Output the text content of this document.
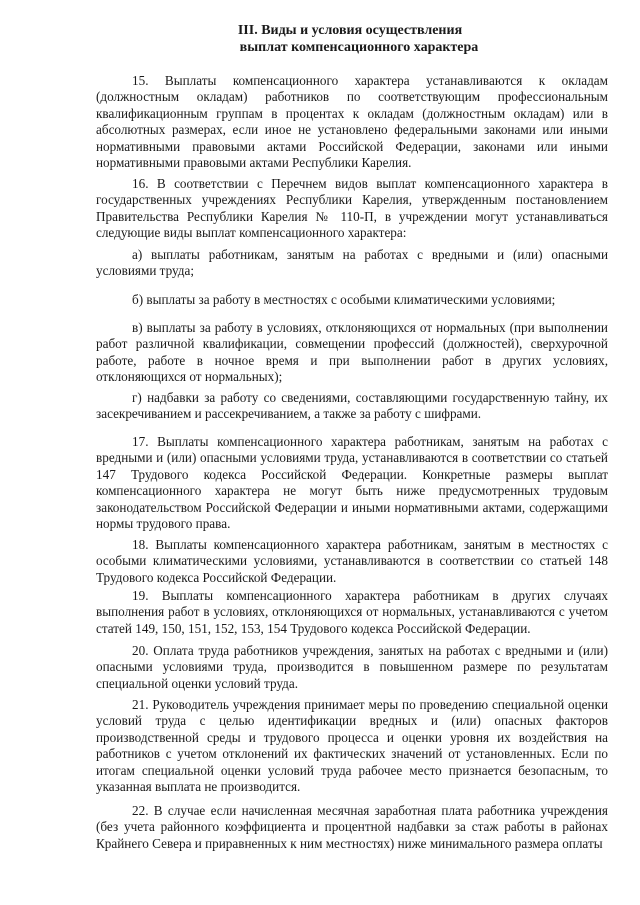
III. Виды и условия осуществления
выплат компенсационного характера

15. Выплаты компенсационного характера устанавливаются к окладам (должностным окладам) работников по соответствующим профессиональным квалификационным группам в процентах к окладам (должностным окладам) или в абсолютных размерах, если иное не установлено федеральными законами или иными нормативными правовыми актами Российской Федерации, законами или иными нормативными правовыми актами Республики Карелия.

16. В соответствии с Перечнем видов выплат компенсационного характера в государственных учреждениях Республики Карелия, утвержденным постановлением Правительства Республики Карелия № 110-П, в учреждении могут устанавливаться следующие виды выплат компенсационного характера:

а) выплаты работникам, занятым на работах с вредными и (или) опасными условиями труда;

б) выплаты за работу в местностях с особыми климатическими условиями;

в) выплаты за работу в условиях, отклоняющихся от нормальных (при выполнении работ различной квалификации, совмещении профессий (должностей), сверхурочной работе, работе в ночное время и при выполнении работ в других условиях, отклоняющихся от нормальных);

г) надбавки за работу со сведениями, составляющими государственную тайну, их засекречиванием и рассекречиванием, а также за работу с шифрами.

17. Выплаты компенсационного характера работникам, занятым на работах с вредными и (или) опасными условиями труда, устанавливаются в соответствии со статьей 147 Трудового кодекса Российской Федерации. Конкретные размеры выплат компенсационного характера не могут быть ниже предусмотренных трудовым законодательством Российской Федерации и иными нормативными актами, содержащими нормы трудового права.

18. Выплаты компенсационного характера работникам, занятым в местностях с особыми климатическими условиями, устанавливаются в соответствии со статьей 148 Трудового кодекса Российской Федерации.

19. Выплаты компенсационного характера работникам в других случаях выполнения работ в условиях, отклоняющихся от нормальных, устанавливаются с учетом статей 149, 150, 151, 152, 153, 154 Трудового кодекса Российской Федерации.

20. Оплата труда работников учреждения, занятых на работах с вредными и (или) опасными условиями труда, производится в повышенном размере по результатам специальной оценки условий труда.

21. Руководитель учреждения принимает меры по проведению специальной оценки условий труда с целью идентификации вредных и (или) опасных факторов производственной среды и трудового процесса и оценки уровня их воздействия на работников с учетом отклонений их фактических значений от установленных. Если по итогам специальной оценки условий труда рабочее место признается безопасным, то указанная выплата не производится.

22. В случае если начисленная месячная заработная плата работника учреждения (без учета районного коэффициента и процентной надбавки за стаж работы в районах Крайнего Севера и приравненных к ним местностях) ниже минимального размера оплаты
